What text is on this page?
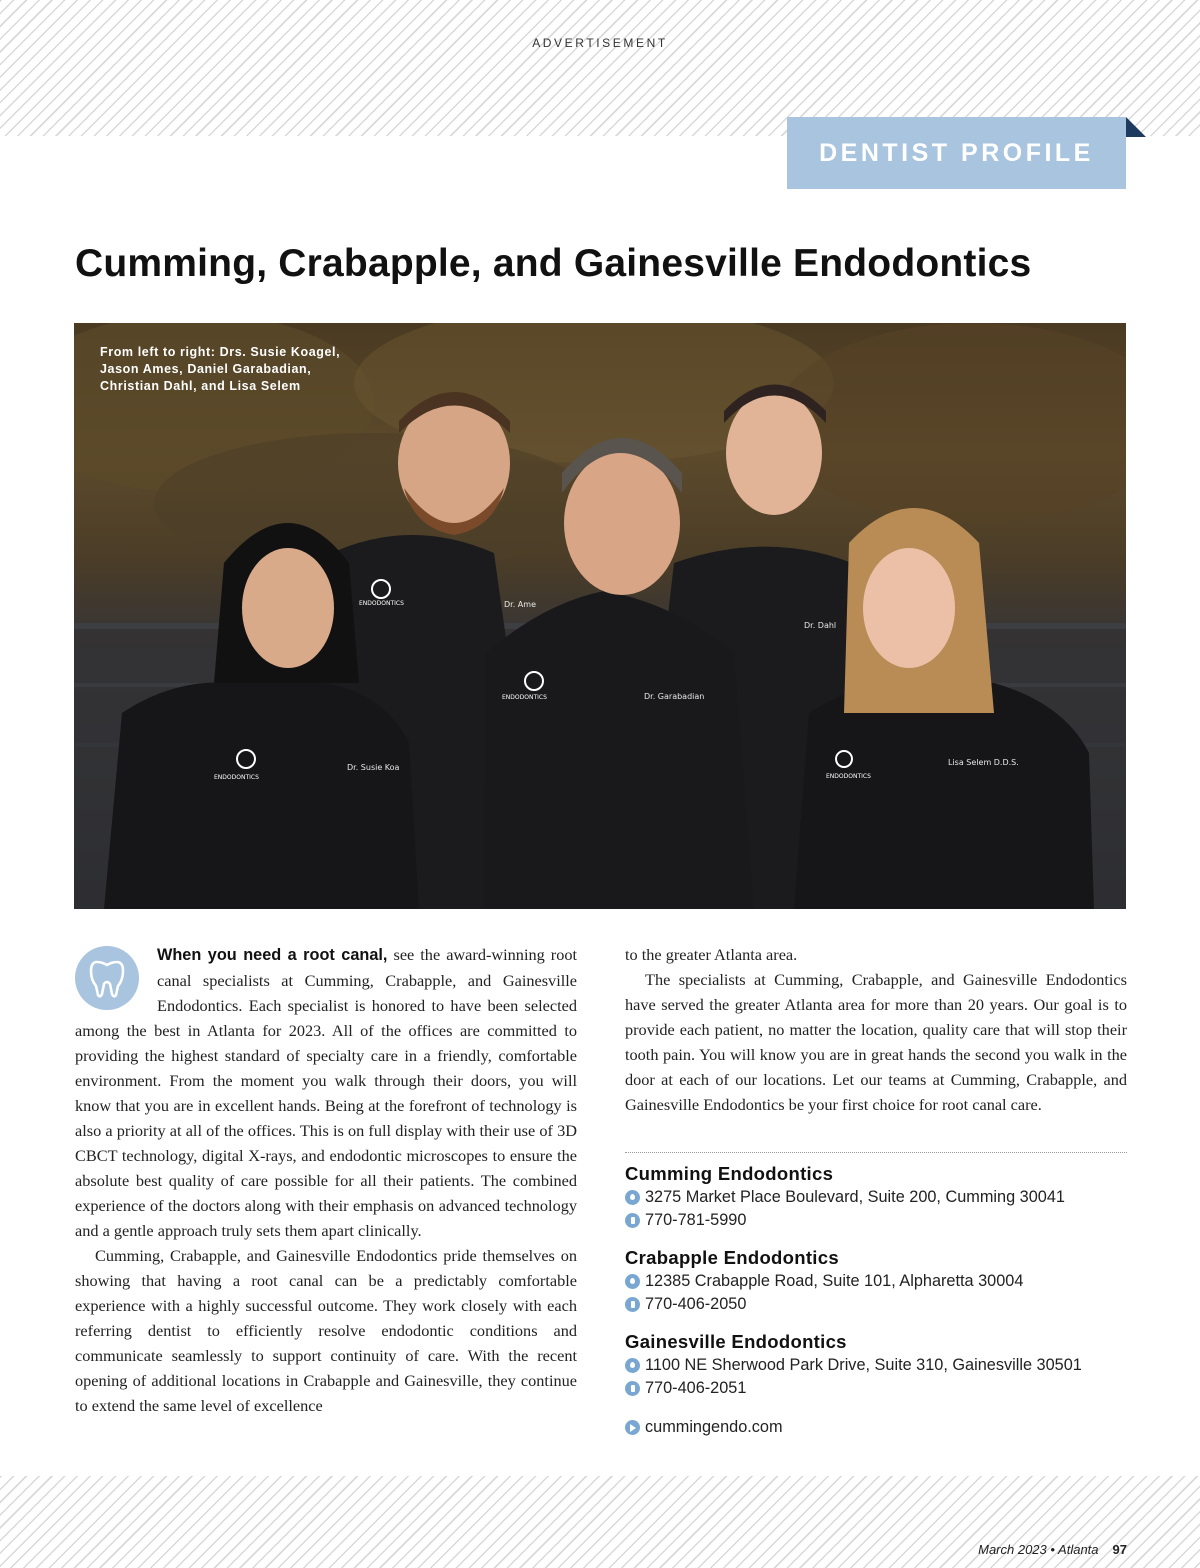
ADVERTISEMENT
DENTIST PROFILE
Cumming, Crabapple, and Gainesville Endodontics
ENDODONTICS
ENDODONTICS
ENDODONTICS	ENDODONTICS
Dr. Susie Koa
Dr. Ame
Dr. Garabadian
Dr. Dahl
Lisa Selem D.D.S.
From left to right: Drs. Susie Koagel, Jason Ames, Daniel Garabadian, Christian Dahl, and Lisa Selem

When you need a root canal, see the award-winning root canal specialists at Cumming, Crabapple, and Gainesville Endodontics. Each specialist is honored to have been selected among the best in Atlanta for 2023. All of the offices are committed to providing the highest standard of specialty care in a friendly, comfortable environment. From the moment you walk through their doors, you will know that you are in excellent hands. Being at the forefront of technology is also a priority at all of the offices. This is on full display with their use of 3D CBCT technology, digital X-rays, and endodontic microscopes to ensure the absolute best quality of care possible for all their patients. The combined experience of the doctors along with their emphasis on advanced technology and a gentle approach truly sets them apart clinically.

Cumming, Crabapple, and Gainesville Endodontics pride themselves on showing that having a root canal can be a predictably comfortable experience with a highly successful outcome. They work closely with each referring dentist to efficiently resolve endodontic conditions and communicate seamlessly to support continuity of care. With the recent opening of additional locations in Crabapple and Gainesville, they continue to extend the same level of excellence

to the greater Atlanta area.

The specialists at Cumming, Crabapple, and Gainesville Endodontics have served the greater Atlanta area for more than 20 years. Our goal is to provide each patient, no matter the location, quality care that will stop their tooth pain. You will know you are in great hands the second you walk in the door at each of our locations. Let our teams at Cumming, Crabapple, and Gainesville Endodontics be your first choice for root canal care.

Cumming Endodontics

3275 Market Place Boulevard, Suite 200, Cumming 30041
770-781-5990

Crabapple Endodontics

12385 Crabapple Road, Suite 101, Alpharetta 30004
770-406-2050

Gainesville Endodontics

1100 NE Sherwood Park Drive, Suite 310, Gainesville 30501
770-406-2051
cummingendo.com
March 2023 • Atlanta 97
